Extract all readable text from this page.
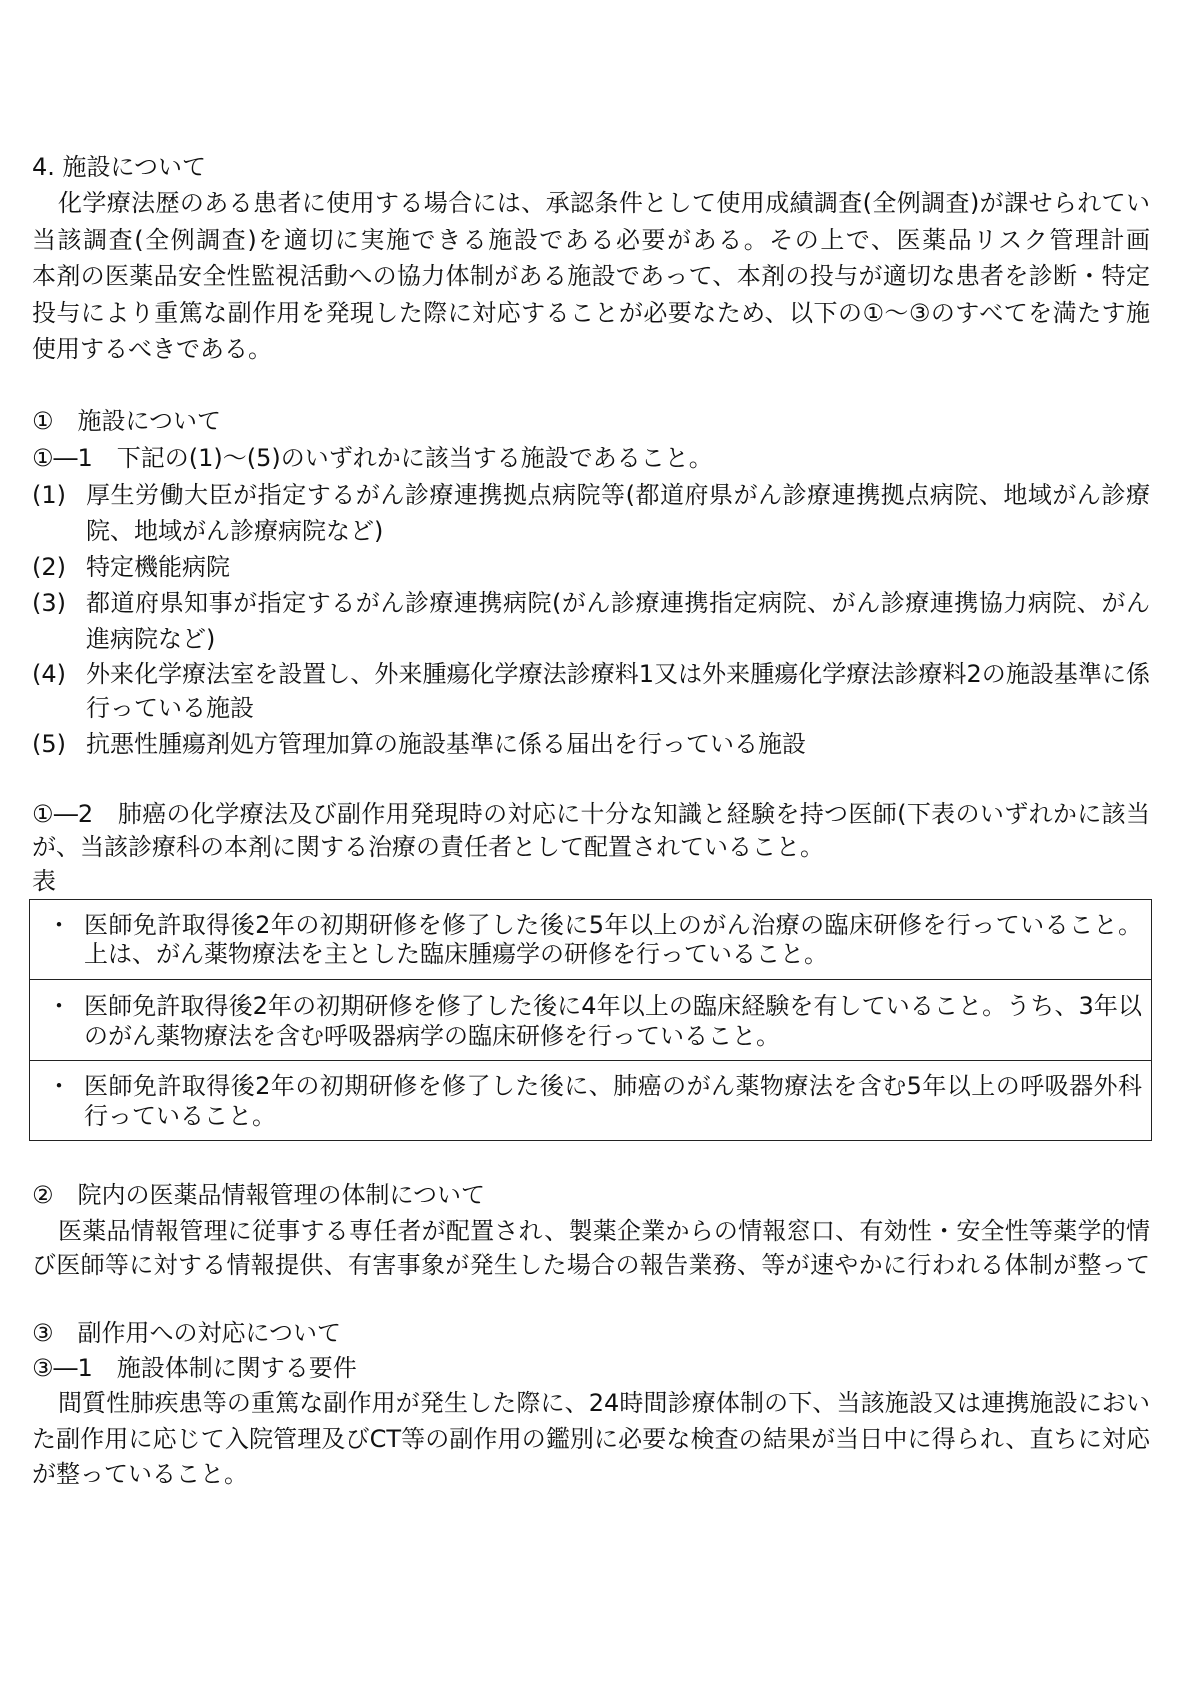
4. 施設について
化学療法歴のある患者に使用する場合には、承認条件として使用成績調査(全例調査)が課せられてい
当該調査(全例調査)を適切に実施できる施設である必要がある。その上で、医薬品リスク管理計画
本剤の医薬品安全性監視活動への協力体制がある施設であって、本剤の投与が適切な患者を診断・特定
投与により重篤な副作用を発現した際に対応することが必要なため、以下の①～③のすべてを満たす施
使用するべきである。
①　施設について
①―1　下記の(1)～(5)のいずれかに該当する施設であること。
(1) 厚生労働大臣が指定するがん診療連携拠点病院等(都道府県がん診療連携拠点病院、地域がん診療
院、地域がん診療病院など)
(2) 特定機能病院
(3) 都道府県知事が指定するがん診療連携病院(がん診療連携指定病院、がん診療連携協力病院、がん
進病院など)
(4) 外来化学療法室を設置し、外来腫瘍化学療法診療料1又は外来腫瘍化学療法診療料2の施設基準に係
行っている施設
(5) 抗悪性腫瘍剤処方管理加算の施設基準に係る届出を行っている施設
①―2　肺癌の化学療法及び副作用発現時の対応に十分な知識と経験を持つ医師(下表のいずれかに該当
が、当該診療科の本剤に関する治療の責任者として配置されていること。
表
・ 医師免許取得後2年の初期研修を修了した後に5年以上のがん治療の臨床研修を行っていること。
上は、がん薬物療法を主とした臨床腫瘍学の研修を行っていること。
・ 医師免許取得後2年の初期研修を修了した後に4年以上の臨床経験を有していること。うち、3年以
のがん薬物療法を含む呼吸器病学の臨床研修を行っていること。
・ 医師免許取得後2年の初期研修を修了した後に、肺癌のがん薬物療法を含む5年以上の呼吸器外科
行っていること。
②　院内の医薬品情報管理の体制について
医薬品情報管理に従事する専任者が配置され、製薬企業からの情報窓口、有効性・安全性等薬学的情
び医師等に対する情報提供、有害事象が発生した場合の報告業務、等が速やかに行われる体制が整って
③　副作用への対応について
③―1　施設体制に関する要件
間質性肺疾患等の重篤な副作用が発生した際に、24時間診療体制の下、当該施設又は連携施設におい
た副作用に応じて入院管理及びCT等の副作用の鑑別に必要な検査の結果が当日中に得られ、直ちに対応
が整っていること。
